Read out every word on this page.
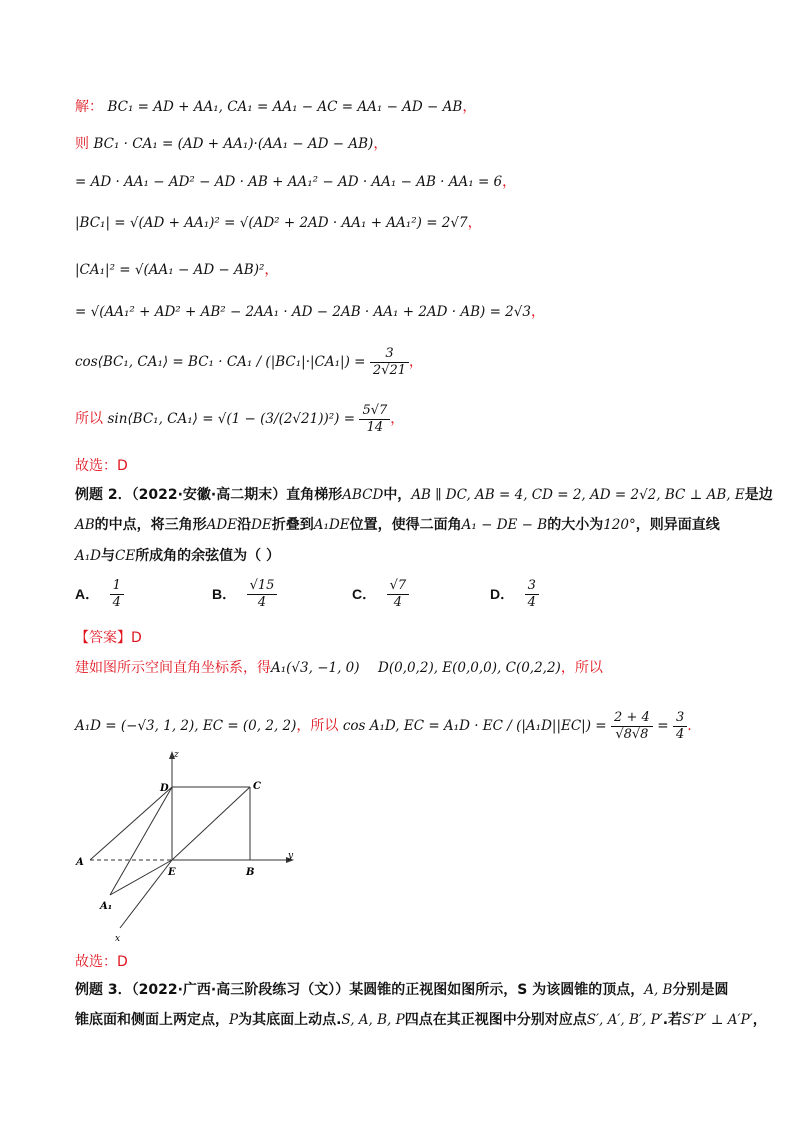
解： BC₁ = AD + AA₁, CA₁ = AA₁ − AC = AA₁ − AD − AB，
则 BC₁ · CA₁ = (AD + AA₁)·(AA₁ − AD − AB)，
= AD · AA₁ − AD² − AD · AB + AA₁² − AD · AA₁ − AB · AA₁ = 6，
|BC₁| = √(AD + AA₁)² = √(AD² + 2AD · AA₁ + AA₁²) = 2√7，
|CA₁|² = √(AA₁ − AD − AB)²，
= √(AA₁² + AD² + AB² − 2AA₁ · AD − 2AB · AA₁ + 2AD · AB) = 2√3，
cos⟨BC₁, CA₁⟩ = $BC_1 \cdot CA_1 / (|BC_1|\cdot|CA_1|) = \frac{3}{2√21}$ ，
所以 sin⟨BC₁, CA₁⟩ = $√(1 - (3/(2√21))^2) = \frac{5√7}{14}$ ，
故选：D
例题 2．（2022·安徽·高二期末）直角梯形ABCD中，AB ∥ DC, AB = 4, CD = 2, AD = 2√2, BC ⊥ AB, E是边
AB的中点，将三角形ADE沿DE折叠到A₁DE位置，使得二面角A₁ − DE − B的大小为120°，则异面直线
A₁D与CE所成角的余弦值为（ ）
A． $\frac{1}{4}$	B． $\frac{√15}{4}$	C． $\frac{√7}{4}$	D． $\frac{3}{4}$
【答案】D
建如图所示空间直角坐标系，得A₁(√3, −1, 0) D(0,0,2), E(0,0,0), C(0,2,2)，所以
A₁D = (−√3, 1, 2), EC = (0, 2, 2)，所以 cos A₁D, EC = A₁D · EC / $(|A_1D||EC|) = \frac{2 + 4}{√8√8} = \frac{3}{4}$ .
z
y
x
D	C
A
E	B
A₁
故选：D
例题 3．（2022·广西·高三阶段练习（文））某圆锥的正视图如图所示，S 为该圆锥的顶点，A, B分别是圆
锥底面和侧面上两定点，P为其底面上动点.S, A, B, P四点在其正视图中分别对应点S′, A′, B′, P′.若S′P′ ⊥ A′P′，
